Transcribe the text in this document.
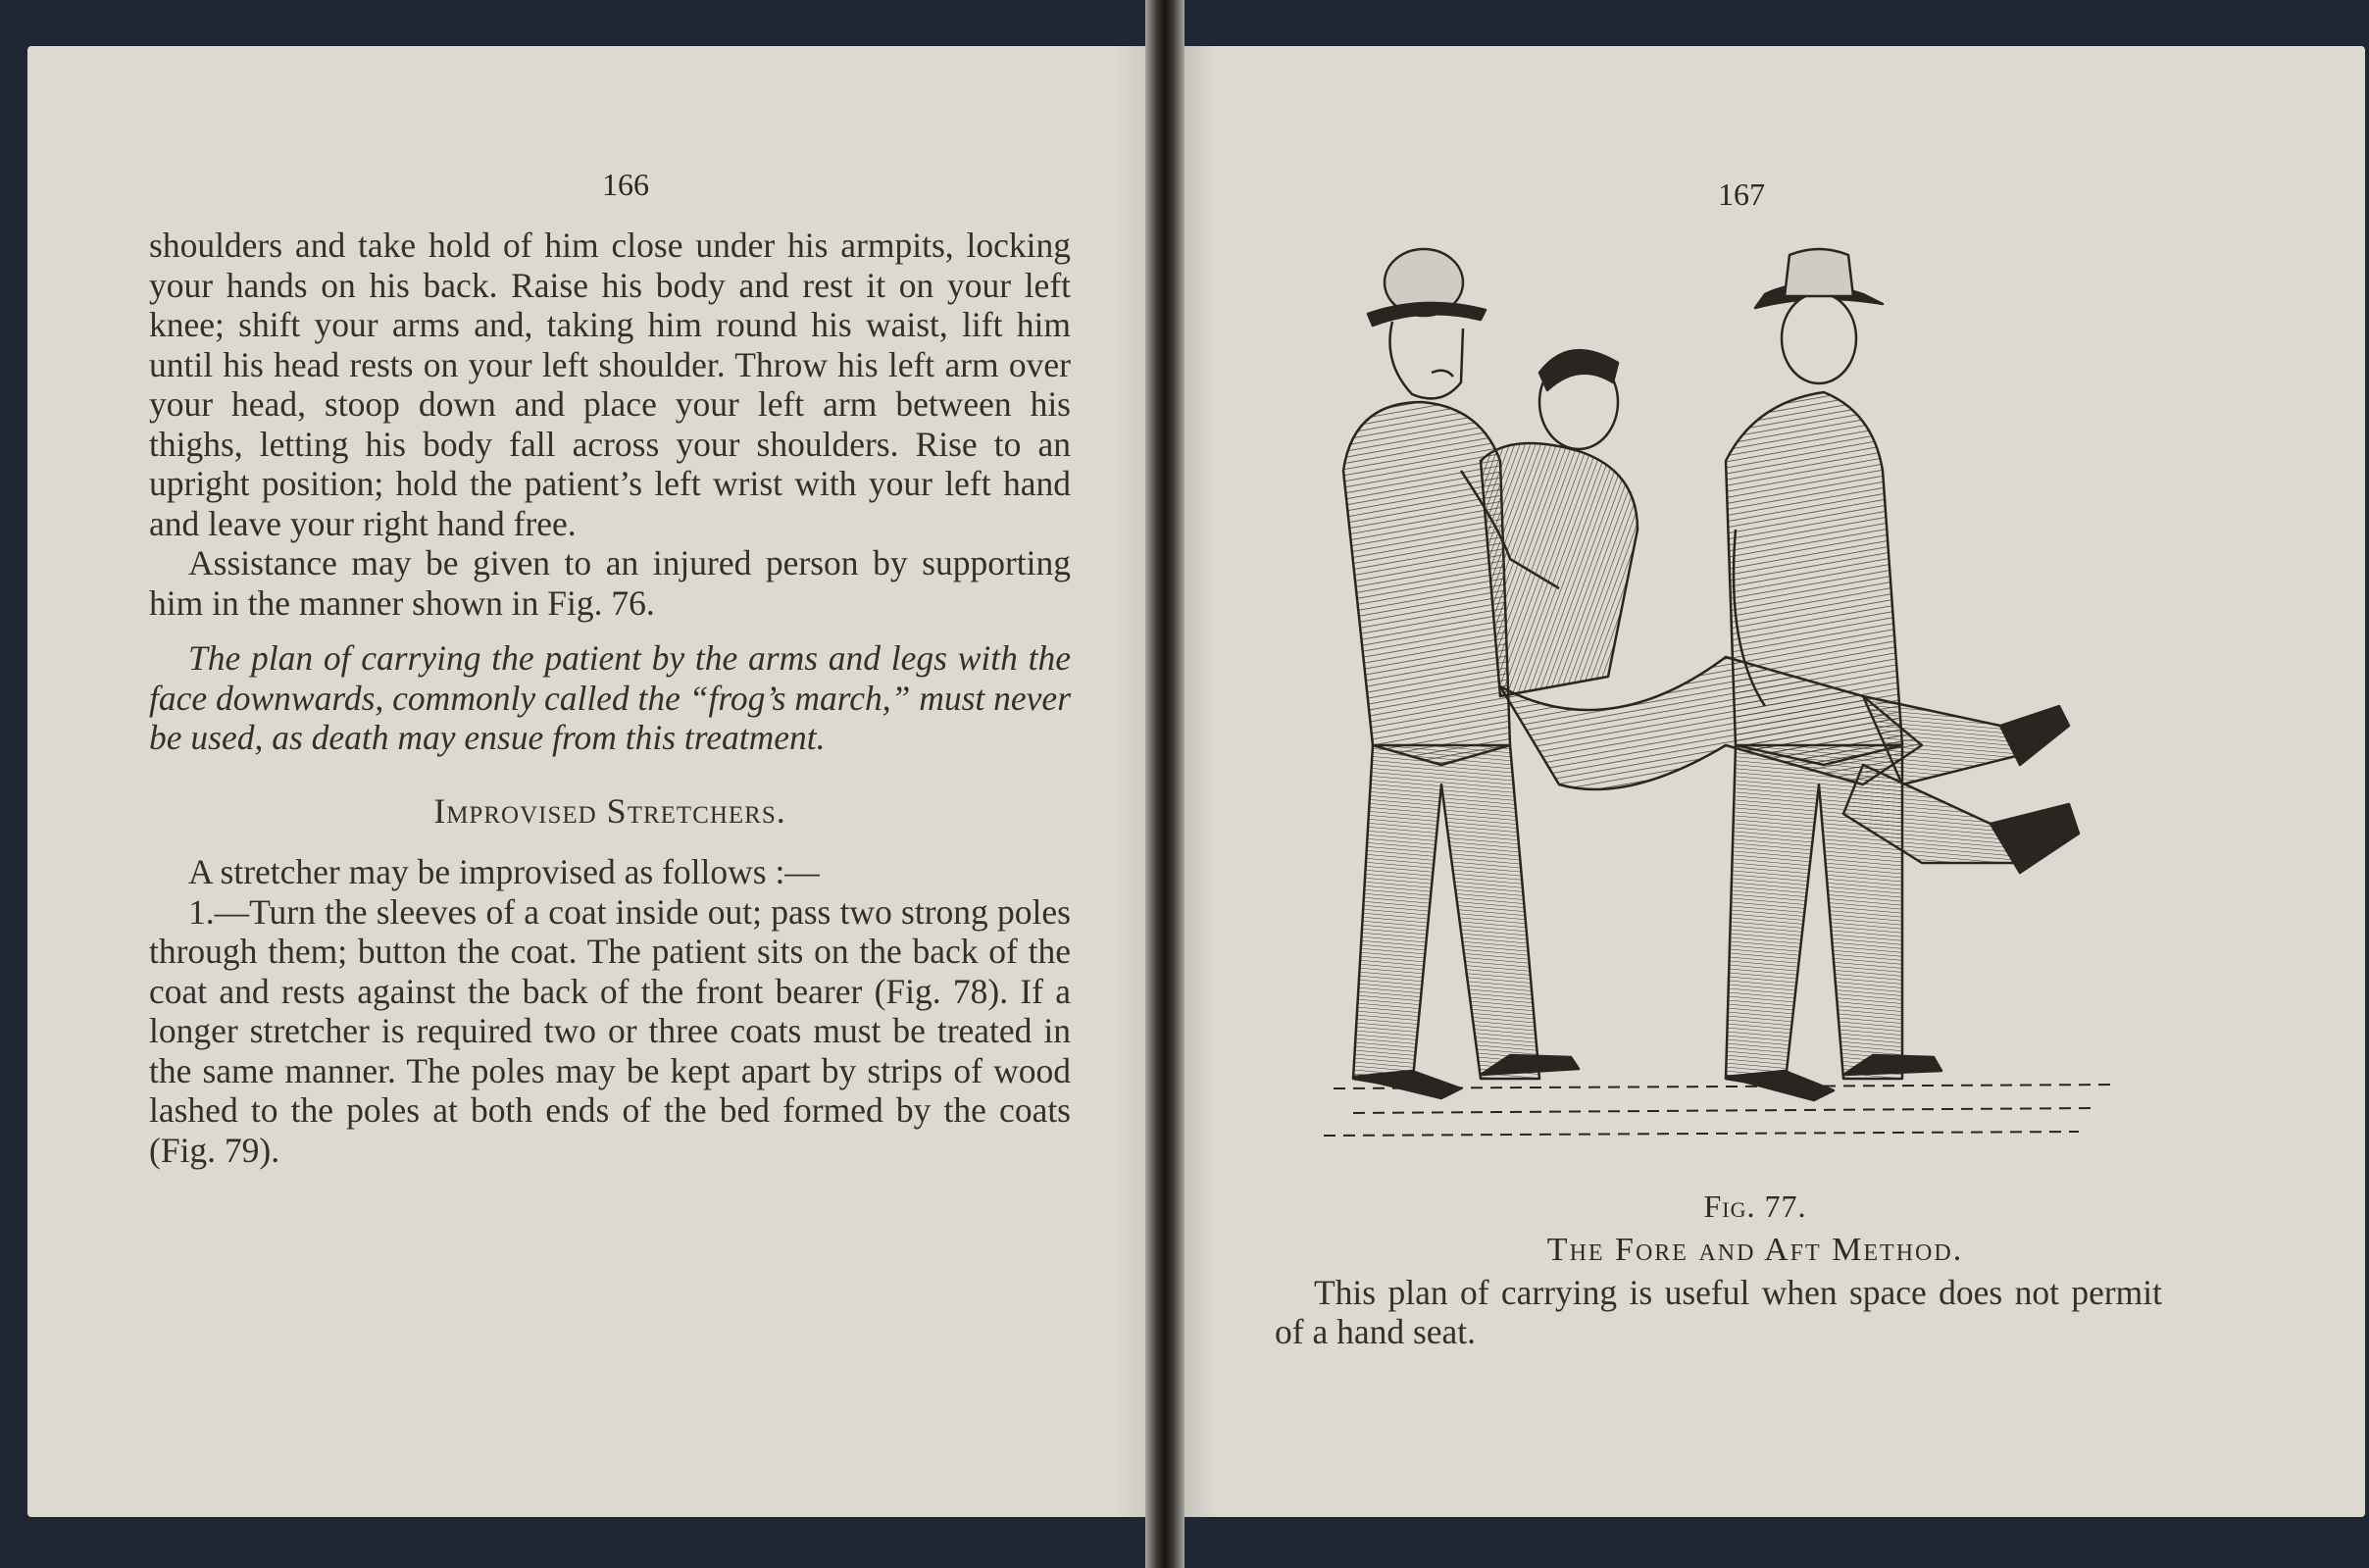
166	167

shoulders and take hold of him close under his armpits, locking your hands on his back. Raise his body and rest it on your left knee; shift your arms and, taking him round his waist, lift him until his head rests on your left shoulder. Throw his left arm over your head, stoop down and place your left arm between his thighs, letting his body fall across your shoulders. Rise to an upright position; hold the patient’s left wrist with your left hand and leave your right hand free.

Assistance may be given to an injured person by supporting him in the manner shown in Fig. 76.

The plan of carrying the patient by the arms and legs with the face downwards, commonly called the “frog’s march,” must never be used, as death may ensue from this treatment.

Improvised Stretchers.

A stretcher may be improvised as follows :—

1.—Turn the sleeves of a coat inside out; pass two strong poles through them; button the coat. The patient sits on the back of the coat and rests against the back of the front bearer (Fig. 78). If a longer stretcher is required two or three coats must be treated in the same manner. The poles may be kept apart by strips of wood lashed to the poles at both ends of the bed formed by the coats (Fig. 79).

Fig. 77.
The Fore and Aft Method.

This plan of carrying is useful when space does not permit of a hand seat.
